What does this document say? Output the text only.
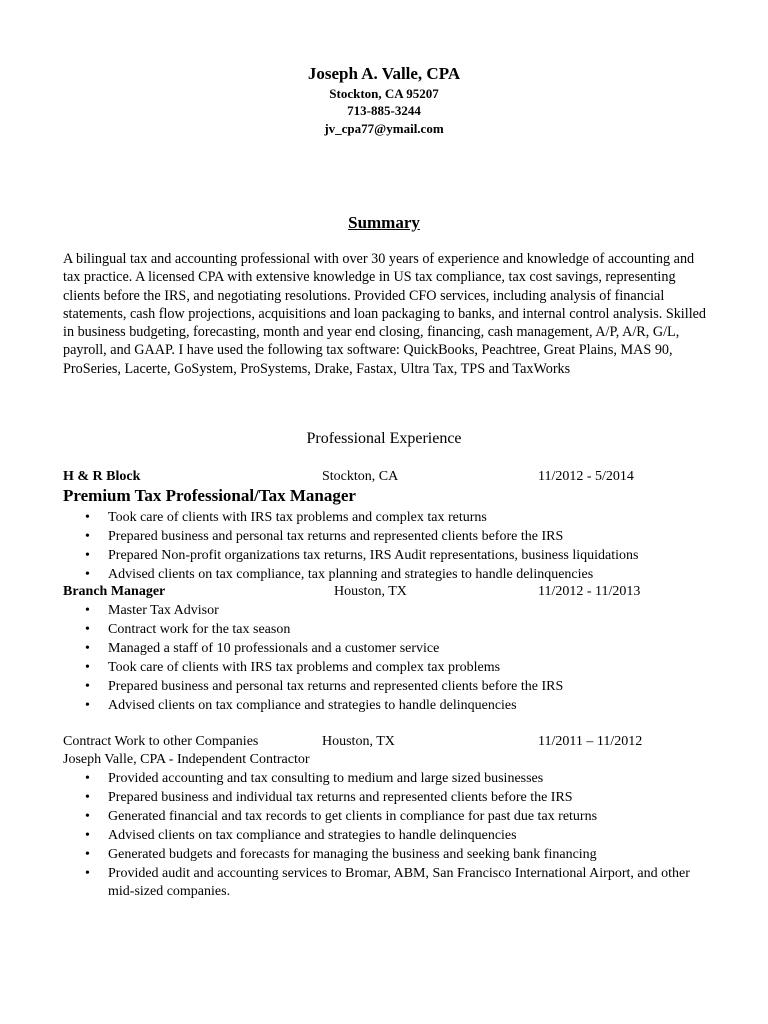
Joseph A. Valle, CPA
Stockton, CA 95207
713-885-3244
jv_cpa77@ymail.com
Summary
A bilingual tax and accounting professional with over 30 years of experience and knowledge of accounting and tax practice. A licensed CPA with extensive knowledge in US tax compliance, tax cost savings, representing clients before the IRS, and negotiating resolutions. Provided CFO services, including analysis of financial statements, cash flow projections, acquisitions and loan packaging to banks, and internal control analysis. Skilled in business budgeting, forecasting, month and year end closing, financing, cash management, A/P, A/R, G/L, payroll, and GAAP. I have used the following tax software: QuickBooks, Peachtree, Great Plains, MAS 90, ProSeries, Lacerte, GoSystem, ProSystems, Drake, Fastax, Ultra Tax, TPS and TaxWorks
Professional Experience
H & R Block	Stockton, CA	11/2012 - 5/2014
Premium Tax Professional/Tax Manager
• Took care of clients with IRS tax problems and complex tax returns
• Prepared business and personal tax returns and represented clients before the IRS
• Prepared Non-profit organizations tax returns, IRS Audit representations, business liquidations
• Advised clients on tax compliance, tax planning and strategies to handle delinquencies
Branch Manager	Houston, TX	11/2012 - 11/2013
• Master Tax Advisor
• Contract work for the tax season
• Managed a staff of 10 professionals and a customer service
• Took care of clients with IRS tax problems and complex tax problems
• Prepared business and personal tax returns and represented clients before the IRS
• Advised clients on tax compliance and strategies to handle delinquencies
Contract Work to other Companies	Houston, TX	11/2011 – 11/2012
Joseph Valle, CPA - Independent Contractor
• Provided accounting and tax consulting to medium and large sized businesses
• Prepared business and individual tax returns and represented clients before the IRS
• Generated financial and tax records to get clients in compliance for past due tax returns
• Advised clients on tax compliance and strategies to handle delinquencies
• Generated budgets and forecasts for managing the business and seeking bank financing
• Provided audit and accounting services to Bromar, ABM, San Francisco International Airport, and other mid-sized companies.
